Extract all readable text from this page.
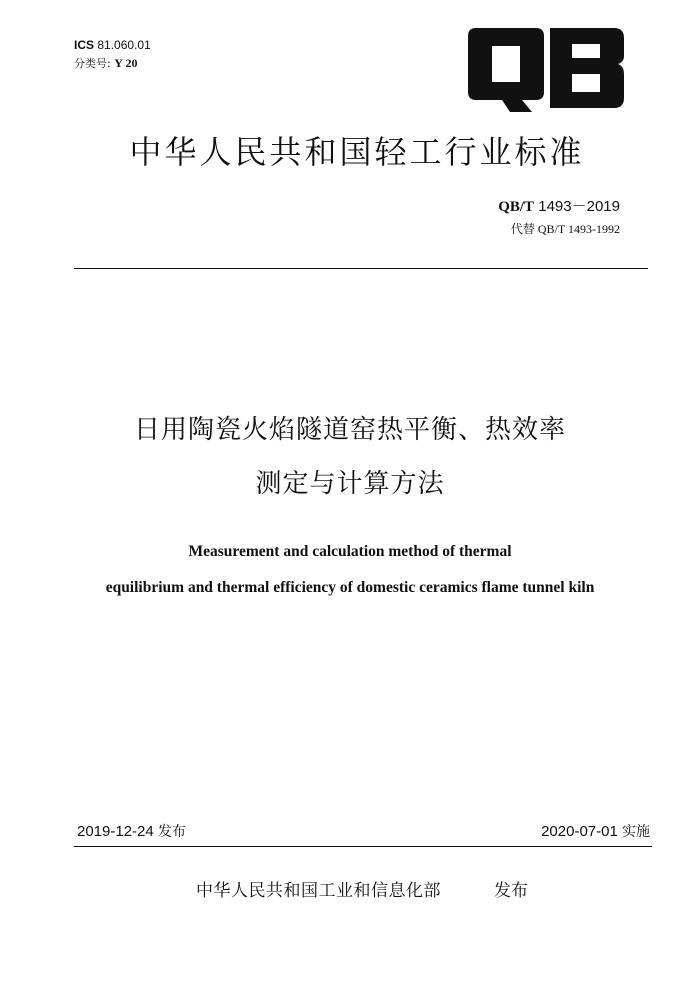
ICS 81.060.01
分类号: Y 20
中华人民共和国轻工行业标准
QB/T 1493－2019
代替 QB/T 1493-1992
日用陶瓷火焰隧道窑热平衡、热效率
测定与计算方法
Measurement and calculation method of thermal
equilibrium and thermal efficiency of domestic ceramics flame tunnel kiln
2019-12-24 发布	2020-07-01 实施
中华人民共和国工业和信息化部	发布
